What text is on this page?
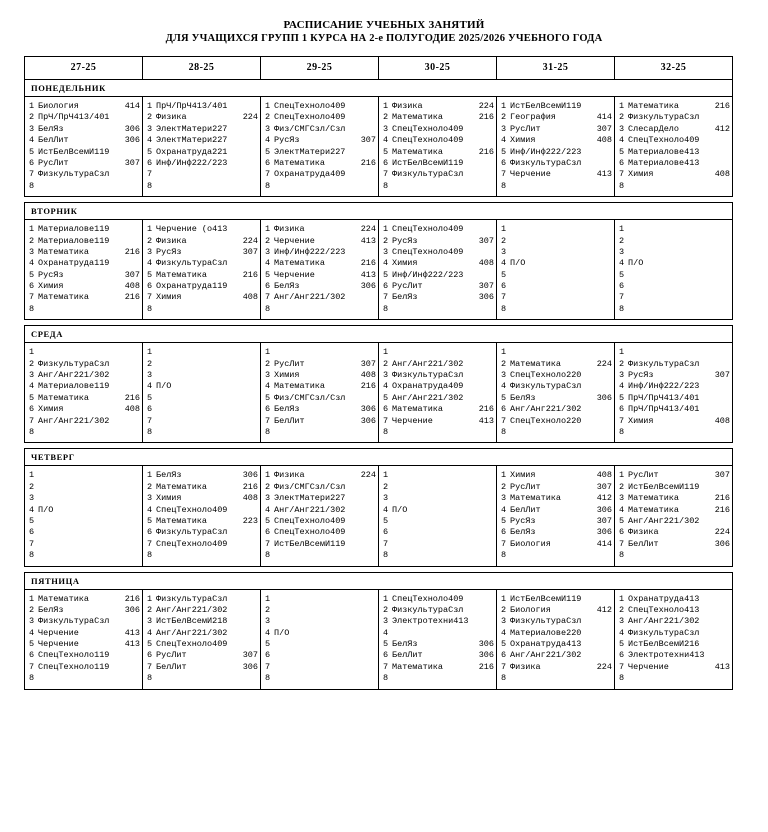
РАСПИСАНИЕ УЧЕБНЫХ ЗАНЯТИЙ
ДЛЯ УЧАЩИХСЯ ГРУПП 1 КУРСА НА 2-е ПОЛУГОДИЕ 2025/2026 УЧЕБНОГО ГОДА
27-25	28-25	29-25	30-25	31-25	32-25
ПОНЕДЕЛЬНИК					

1 Биология	414
2 ПрЧ/ПрЧ413/401
3 БелЯз	306
4 БелЛит	306
5 ИстБелВсемИ119
6 РусЛит	307
7 ФизкультураСзл
8

1 ПрЧ/ПрЧ413/401
2 Физика	224
3 ЭлектМатери227
4 ЭлектМатери227
5 Охранатруда221
6 Инф/Инф222/223
7
8

1 СпецТехноло409
2 СпецТехноло409
3 Физ/СМГСзл/Сзл
4 РусЯз	307
5 ЭлектМатери227
6 Математика	216
7 Охранатруда409
8

1 Физика	224
2 Математика	216
3 СпецТехноло409
4 СпецТехноло409
5 Математика	216
6 ИстБелВсемИ119
7 ФизкультураСзл
8

1 ИстБелВсемИ119
2 География	414
3 РусЛит	307
4 Химия	408
5 Инф/Инф222/223
6 ФизкультураСзл
7 Черчение	413
8

1 Математика	216
2 ФизкультураСзл
3 СлесарДело	412
4 СпецТехноло409
5 Материалове413
6 Материалове413
7 Химия	408
8

ВТОРНИК					

1 Материалове119
2 Материалове119
3 Математика	216
4 Охранатруда119
5 РусЯз	307
6 Химия	408
7 Математика	216
8

1 Черчение (o413
2 Физика	224
3 РусЯз	307
4 ФизкультураСзл
5 Математика	216
6 Охранатруда119
7 Химия	408
8

1 Физика	224
2 Черчение	413
3 Инф/Инф222/223
4 Математика	216
5 Черчение	413
6 БелЯз	306
7 Анг/Анг221/302
8

1 СпецТехноло409
2 РусЯз	307
3 СпецТехноло409
4 Химия	408
5 Инф/Инф222/223
6 РусЛит	307
7 БелЯз	306
8

1
2
3
4 П/О
5
6
7
8

1
2
3
4 П/О
5
6
7
8

СРЕДА					

1
2 ФизкультураСзл
3 Анг/Анг221/302
4 Материалове119
5 Математика	216
6 Химия	408
7 Анг/Анг221/302
8

1
2
3
4 П/О
5
6
7
8

1
2 РусЛит	307
3 Химия	408
4 Математика	216
5 Физ/СМГСзл/Сзл
6 БелЯз	306
7 БелЛит	306
8

1
2 Анг/Анг221/302
3 ФизкультураСзл
4 Охранатруда409
5 Анг/Анг221/302
6 Математика	216
7 Черчение	413
8

1
2 Математика	224
3 СпецТехноло220
4 ФизкультураСзл
5 БелЯз	306
6 Анг/Анг221/302
7 СпецТехноло220
8

1
2 ФизкультураСзл
3 РусЯз	307
4 Инф/Инф222/223
5 ПрЧ/ПрЧ413/401
6 ПрЧ/ПрЧ413/401
7 Химия	408
8

ЧЕТВЕРГ					

1
2
3
4 П/О
5
6
7
8

1 БелЯз	306
2 Математика	216
3 Химия	408
4 СпецТехноло409
5 Математика	223
6 ФизкультураСзл
7 СпецТехноло409
8

1 Физика	224
2 Физ/СМГСзл/Сзл
3 ЭлектМатери227
4 Анг/Анг221/302
5 СпецТехноло409
6 СпецТехноло409
7 ИстБелВсемИ119
8

1
2
3
4 П/О
5
6
7
8

1 Химия	408
2 РусЛит	307
3 Математика	412
4 БелЛит	306
5 РусЯз	307
6 БелЯз	306
7 Биология	414
8

1 РусЛит	307
2 ИстБелВсемИ119
3 Математика	216
4 Математика	216
5 Анг/Анг221/302
6 Физика	224
7 БелЛит	306
8

ПЯТНИЦА					

1 Математика	216
2 БелЯз	306
3 ФизкультураСзл
4 Черчение	413
5 Черчение	413
6 СпецТехноло119
7 СпецТехноло119
8

1 ФизкультураСзл
2 Анг/Анг221/302
3 ИстБелВсемИ218
4 Анг/Анг221/302
5 СпецТехноло409
6 РусЛит	307
7 БелЛит	306
8

1
2
3
4 П/О
5
6
7
8

1 СпецТехноло409
2 ФизкультураСзл
3 Электротехни413
4
5 БелЯз	306
6 БелЛит	306
7 Математика	216
8

1 ИстБелВсемИ119
2 Биология	412
3 ФизкультураСзл
4 Материалове220
5 Охранатруда413
6 Анг/Анг221/302
7 Физика	224
8

1 Охранатруда413
2 СпецТехноло413
3 Анг/Анг221/302
4 ФизкультураСзл
5 ИстБелВсемИ216
6 Электротехни413
7 Черчение	413
8
